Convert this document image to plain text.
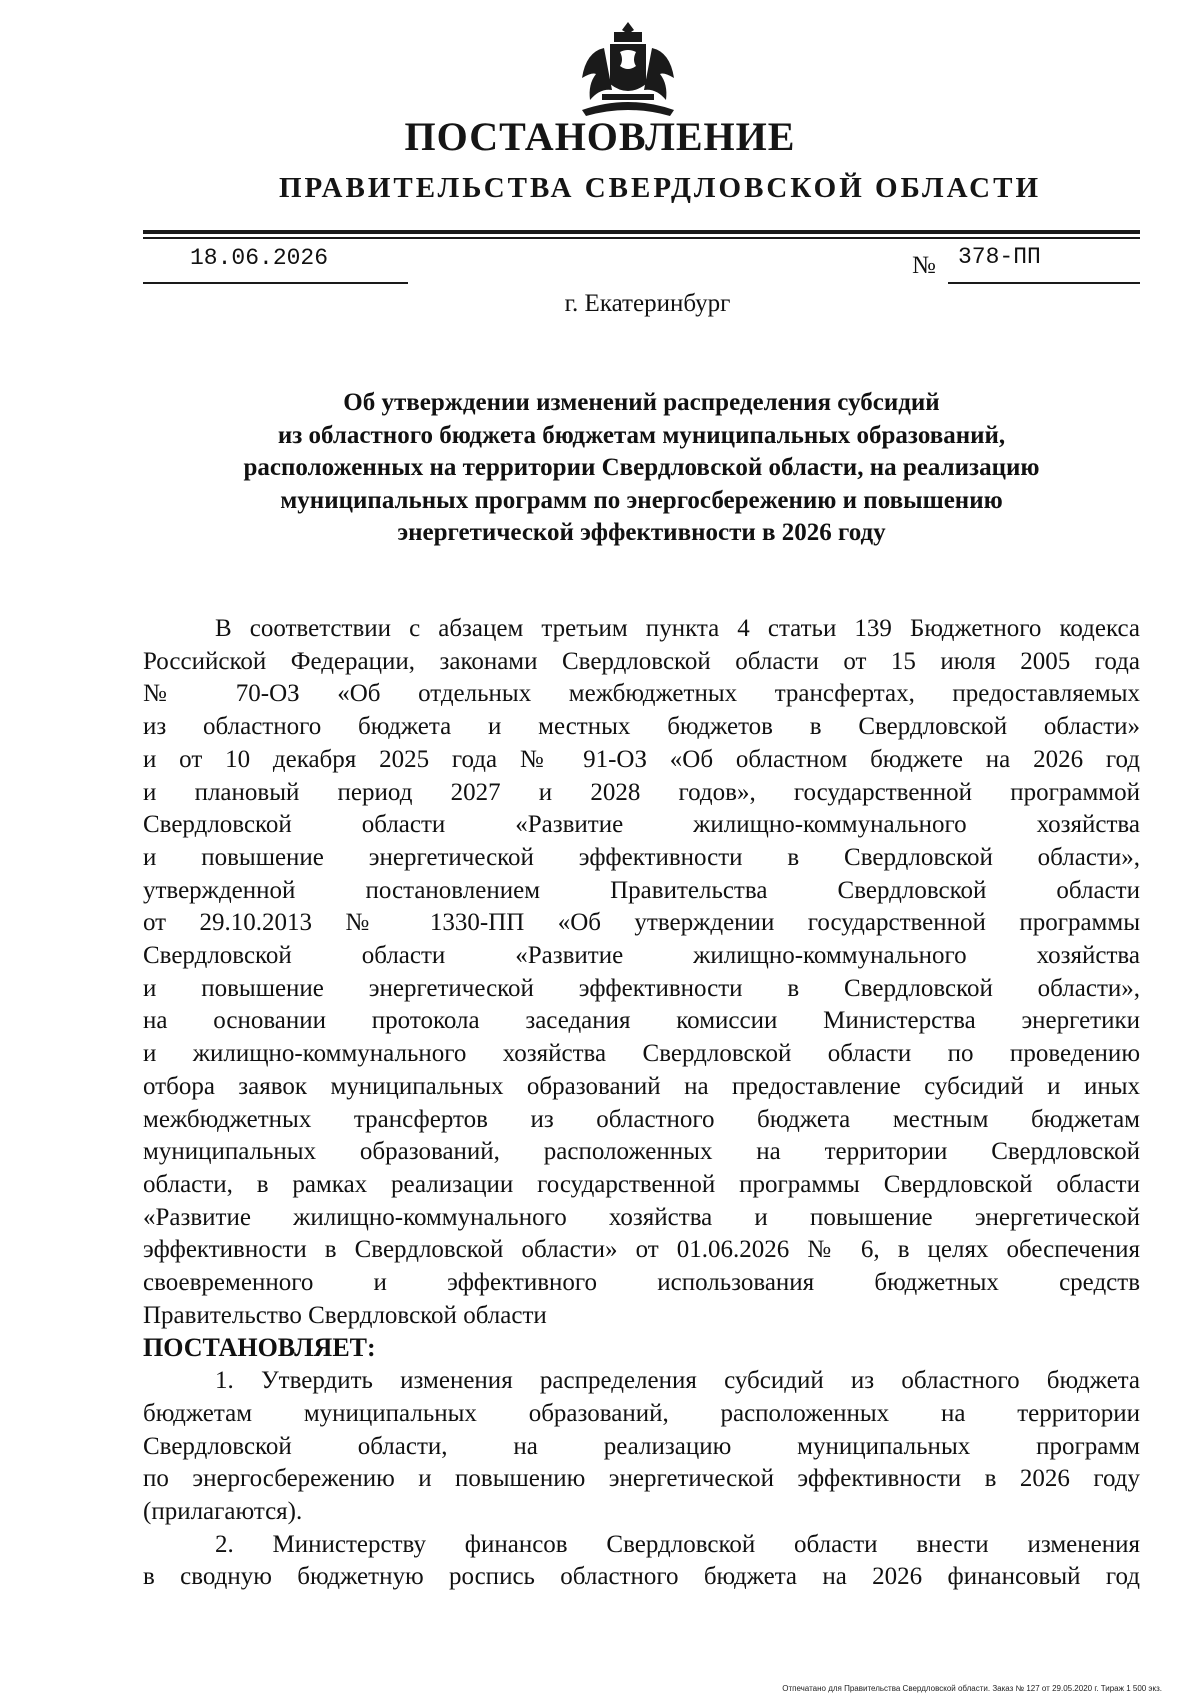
ПОСТАНОВЛЕНИЕ
ПРАВИТЕЛЬСТВА СВЕРДЛОВСКОЙ ОБЛАСТИ
18.06.2026	№ 378-ПП
г. Екатеринбург
Об утверждении изменений распределения субсидий
из областного бюджета бюджетам муниципальных образований,
расположенных на территории Свердловской области, на реализацию
муниципальных программ по энергосбережению и повышению
энергетической эффективности в 2026 году
В соответствии с абзацем третьим пункта 4 статьи 139 Бюджетного кодекса
Российской Федерации, законами Свердловской области от 15 июля 2005 года
№ 70-ОЗ «Об отдельных межбюджетных трансфертах, предоставляемых
из областного бюджета и местных бюджетов в Свердловской области»
и от 10 декабря 2025 года № 91-ОЗ «Об областном бюджете на 2026 год
и плановый период 2027 и 2028 годов», государственной программой
Свердловской области «Развитие жилищно-коммунального хозяйства
и повышение энергетической эффективности в Свердловской области»,
утвержденной постановлением Правительства Свердловской области
от 29.10.2013 № 1330-ПП «Об утверждении государственной программы
Свердловской области «Развитие жилищно-коммунального хозяйства
и повышение энергетической эффективности в Свердловской области»,
на основании протокола заседания комиссии Министерства энергетики
и жилищно-коммунального хозяйства Свердловской области по проведению
отбора заявок муниципальных образований на предоставление субсидий и иных
межбюджетных трансфертов из областного бюджета местным бюджетам
муниципальных образований, расположенных на территории Свердловской
области, в рамках реализации государственной программы Свердловской области
«Развитие жилищно-коммунального хозяйства и повышение энергетической
эффективности в Свердловской области» от 01.06.2026 № 6, в целях обеспечения
своевременного и эффективного использования бюджетных средств
Правительство Свердловской области
ПОСТАНОВЛЯЕТ:
1. Утвердить изменения распределения субсидий из областного бюджета
бюджетам муниципальных образований, расположенных на территории
Свердловской области, на реализацию муниципальных программ
по энергосбережению и повышению энергетической эффективности в 2026 году
(прилагаются).
2. Министерству финансов Свердловской области внести изменения
в сводную бюджетную роспись областного бюджета на 2026 финансовый год
Отпечатано для Правительства Свердловской области. Заказ № 127 от 29.05.2020 г. Тираж 1 500 экз.
